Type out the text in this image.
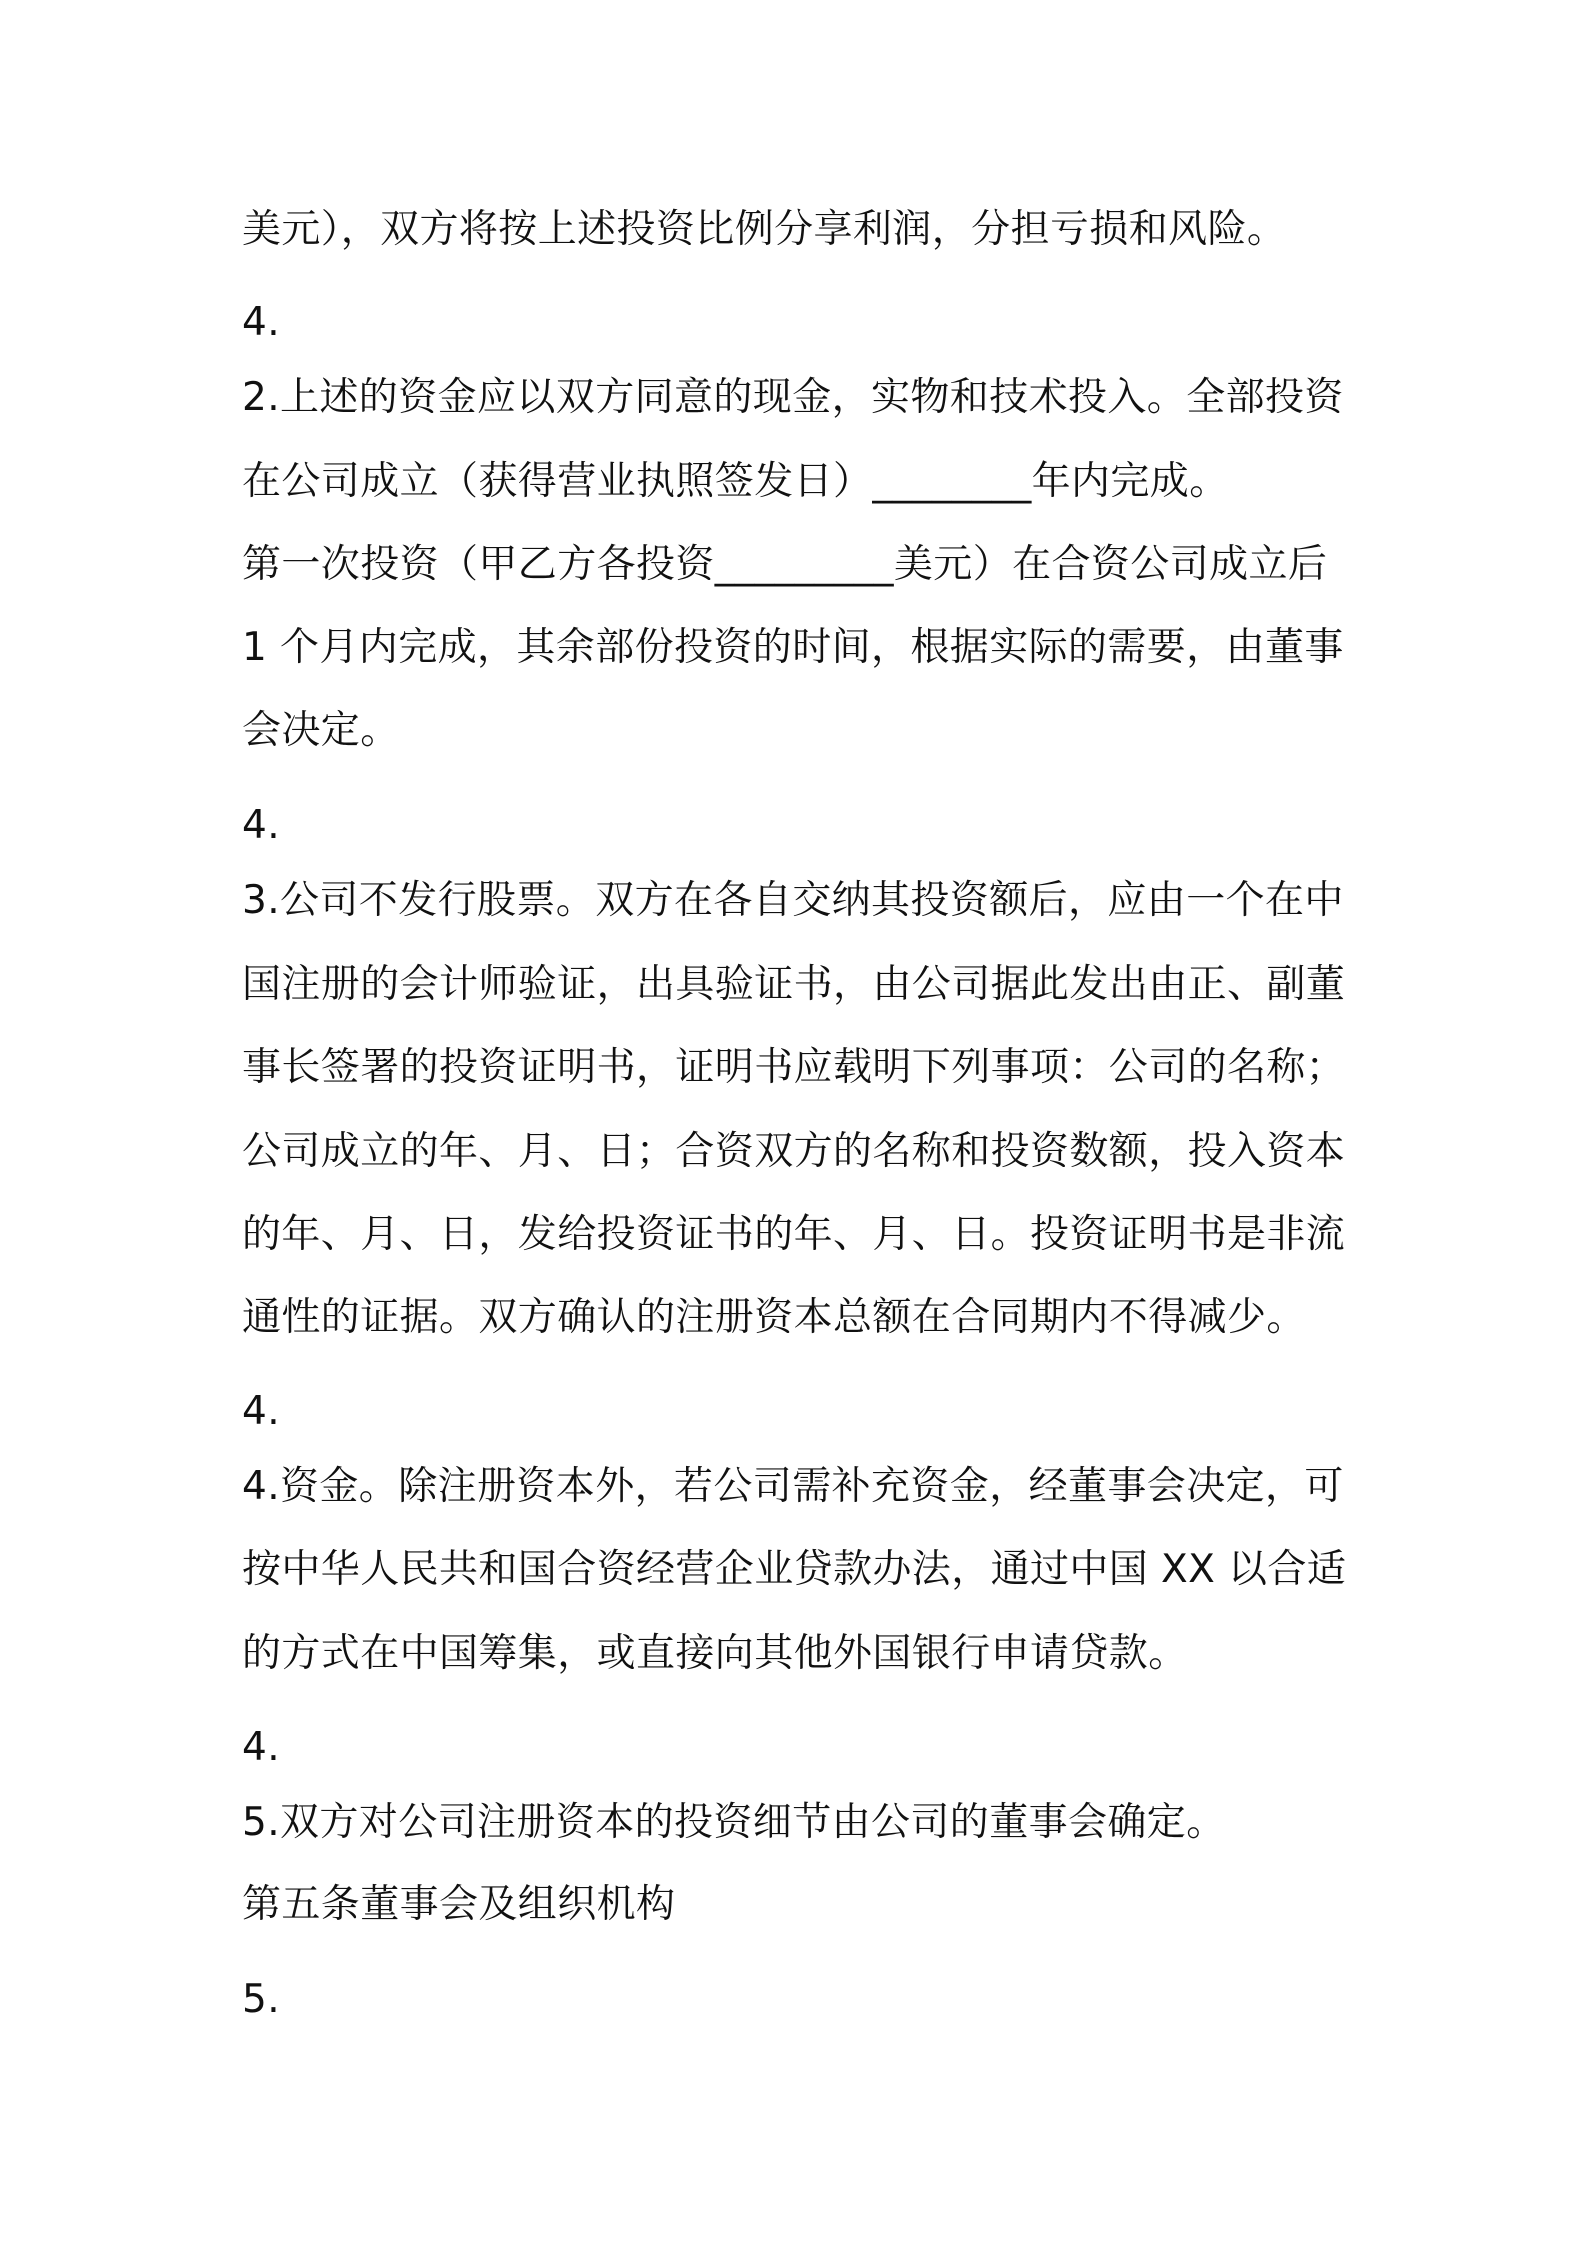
美元），双方将按上述投资比例分享利润，分担亏损和风险。
4.
2.上述的资金应以双方同意的现金，实物和技术投入。全部投资
在公司成立（获得营业执照签发日）________年内完成。
第一次投资（甲乙方各投资_________美元）在合资公司成立后
1 个月内完成，其余部份投资的时间，根据实际的需要，由董事
会决定。
4.
3.公司不发行股票。双方在各自交纳其投资额后，应由一个在中
国注册的会计师验证，出具验证书，由公司据此发出由正、副董
事长签署的投资证明书，证明书应载明下列事项：公司的名称；
公司成立的年、月、日；合资双方的名称和投资数额，投入资本
的年、月、日，发给投资证书的年、月、日。投资证明书是非流
通性的证据。双方确认的注册资本总额在合同期内不得减少。
4.
4.资金。除注册资本外，若公司需补充资金，经董事会决定，可
按中华人民共和国合资经营企业贷款办法，通过中国 XX 以合适
的方式在中国筹集，或直接向其他外国银行申请贷款。
4.
5.双方对公司注册资本的投资细节由公司的董事会确定。
第五条董事会及组织机构
5.
